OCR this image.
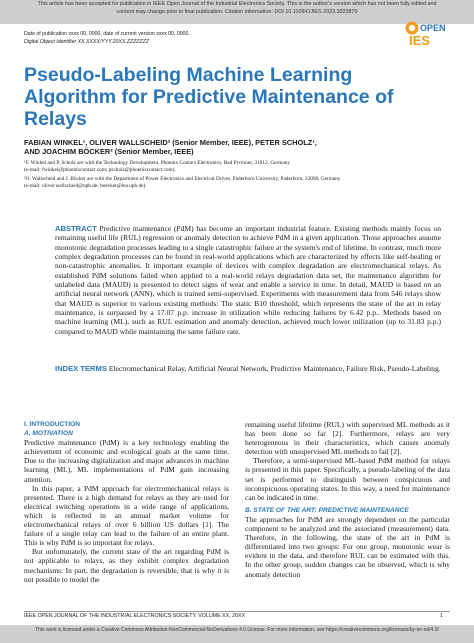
This article has been accepted for publication in IEEE Open Journal of the Industrial Electronics Society. This is the author's version which has not been fully edited and
content may change prior to final publication. Citation information: DOI 10.1109/OJIES.2023.3323870
Date of publication xxxx 00, 0000, date of current version xxxx 00, 0000.
Digital Object Identifier XX.XXXX/YYY.20XX.ZZZZZZZ
OPEN
IES
Pseudo-Labeling Machine Learning Algorithm for Predictive Maintenance of Relays
FABIAN WINKEL¹, OLIVER WALLSCHEID² (Senior Member, IEEE), PETER SCHOLZ¹,
AND JOACHIM BÖCKER² (Senior Member, IEEE)
¹F. Winkel and P. Scholz are with the Technology Development, Phoenix Contact Electronics, Bad Pyrmont, 31812, Germany
(e-mail: fwinkel@phoenixcontact.com; pscholz@phoenixcontact.com).
²O. Wallscheid and J. Böcker are with the Department of Power Electronics and Electrical Drives, Paderborn University, Paderborn, 33098, Germany
(e-mail: oliver.wallscheid@upb.de; boecker@lea.upb.de).
ABSTRACT Predictive maintenance (PdM) has become an important industrial feature. Existing methods mainly focus on remaining useful life (RUL) regression or anomaly detection to achieve PdM in a given application. Those approaches assume monotonic degradation processes leading to a single catastrophic failure at the system's end of lifetime. In contrast, much more complex degradation processes can be found in real-world applications which are characterized by effects like self-healing or non-catastrophic anomalies. It important example of devices with complex degradation are electromechanical relays. As established PdM solutions failed when applied to a real-world relays degradation data set, the maintenance algorithm for unlabeled data (MAUD) is presented to detect signs of wear and enable a service in time. In detail, MAUD is based on an artificial neural network (ANN), which is trained semi-supervised. Experiments with measurement data from 546 relays show that MAUD is superior to various existing methods: The static B10 threshold, which represents the state of the art in relay maintenance, is surpassed by a 17.07 p.p. increase in utilization while reducing failures by 6.42 p.p.. Methods based on machine learning (ML), such as RUL estimation and anomaly detection, achieved much lower utilization (up to 31.83 p.p.) compared to MAUD while maintaining the same failure rate.
INDEX TERMS Electromechanical Relay, Artificial Neural Network, Predictive Maintenance, Failure Risk, Pseudo-Labeling.
I. INTRODUCTION
A. MOTIVATION

Predictive maintenance (PdM) is a key technology enabling the achievement of economic and ecological goals at the same time. Due to the increasing digitalization and major advances in machine learning (ML), ML implementations of PdM gain increasing attention.

In this paper, a PdM approach for electromechanical relays is presented. There is a high demand for relays as they are used for electrical switching operations in a wide range of applications, which is reflected in an annual market volume for electromechanical relays of over 6 billion US dollars [1]. The failure of a single relay can lead to the failure of an entire plant. This is why PdM is so important for relays.

But unfortunately, the current state of the art regarding PdM is not applicable to relays, as they exhibit complex degradation mechanisms: In part, the degradation is reversible, that is why it is not possible to model the

remaining useful lifetime (RUL) with supervised ML methods as it has been done so far [2]. Furthermore, relays are very heterogeneous in their characteristics, which causes anomaly detection with unsupervised ML methods to fail [2].

Therefore, a semi-supervised ML-based PdM method for relays is presented in this paper. Specifically, a pseudo-labeling of the data set is performed to distinguish between conspicuous and inconspicuous operating states. In this way, a need for maintenance can be indicated in time.

B. STATE OF THE ART: PREDICTIVE MAINTENANCE

The approaches for PdM are strongly dependent on the particular component to be analyzed and the associated (measurement) data. Therefore, in the following, the state of the art in PdM is differentiated into two groups: For one group, monotonic wear is evident in the data, and therefore RUL can be estimated with this. In the other group, sudden changes can be observed, which is why anomaly detection

IEEE OPEN JOURNAL OF THE INDUSTRIAL ELECTRONICS SOCIETY. VOLUME XX, 20XX	1
This work is licensed under a Creative Commons Attribution-NonCommercial-NoDerivatives 4.0 License. For more information, see https://creativecommons.org/licenses/by-nc-nd/4.0/
